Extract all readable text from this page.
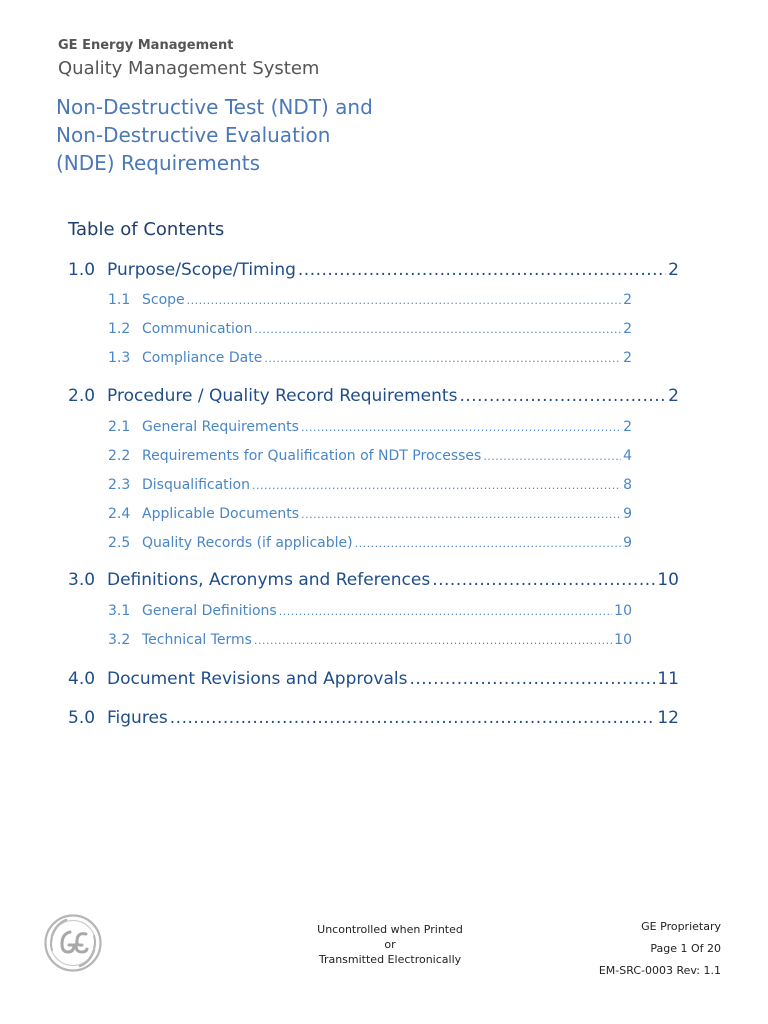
GE Energy Management
Quality Management System
Non-Destructive Test (NDT) and
Non-Destructive Evaluation
(NDE) Requirements
Table of Contents
1.0 Purpose/Scope/Timing .....	2
1.1 Scope .....	2
1.2 Communication .....	2
1.3 Compliance Date .....	2
2.0 Procedure / Quality Record Requirements .....	2
2.1 General Requirements .....	2
2.2 Requirements for Qualification of NDT Processes .....	4
2.3 Disqualification .....	8
2.4 Applicable Documents .....	9
2.5 Quality Records (if applicable) .....	9
3.0 Definitions, Acronyms and References .....	10
3.1 General Definitions .....	10
3.2 Technical Terms .....	10
4.0 Document Revisions and Approvals .....	11
5.0 Figures .....	12
Uncontrolled when Printed
or
Transmitted Electronically
GE Proprietary
Page 1 Of 20
EM-SRC-0003 Rev: 1.1
